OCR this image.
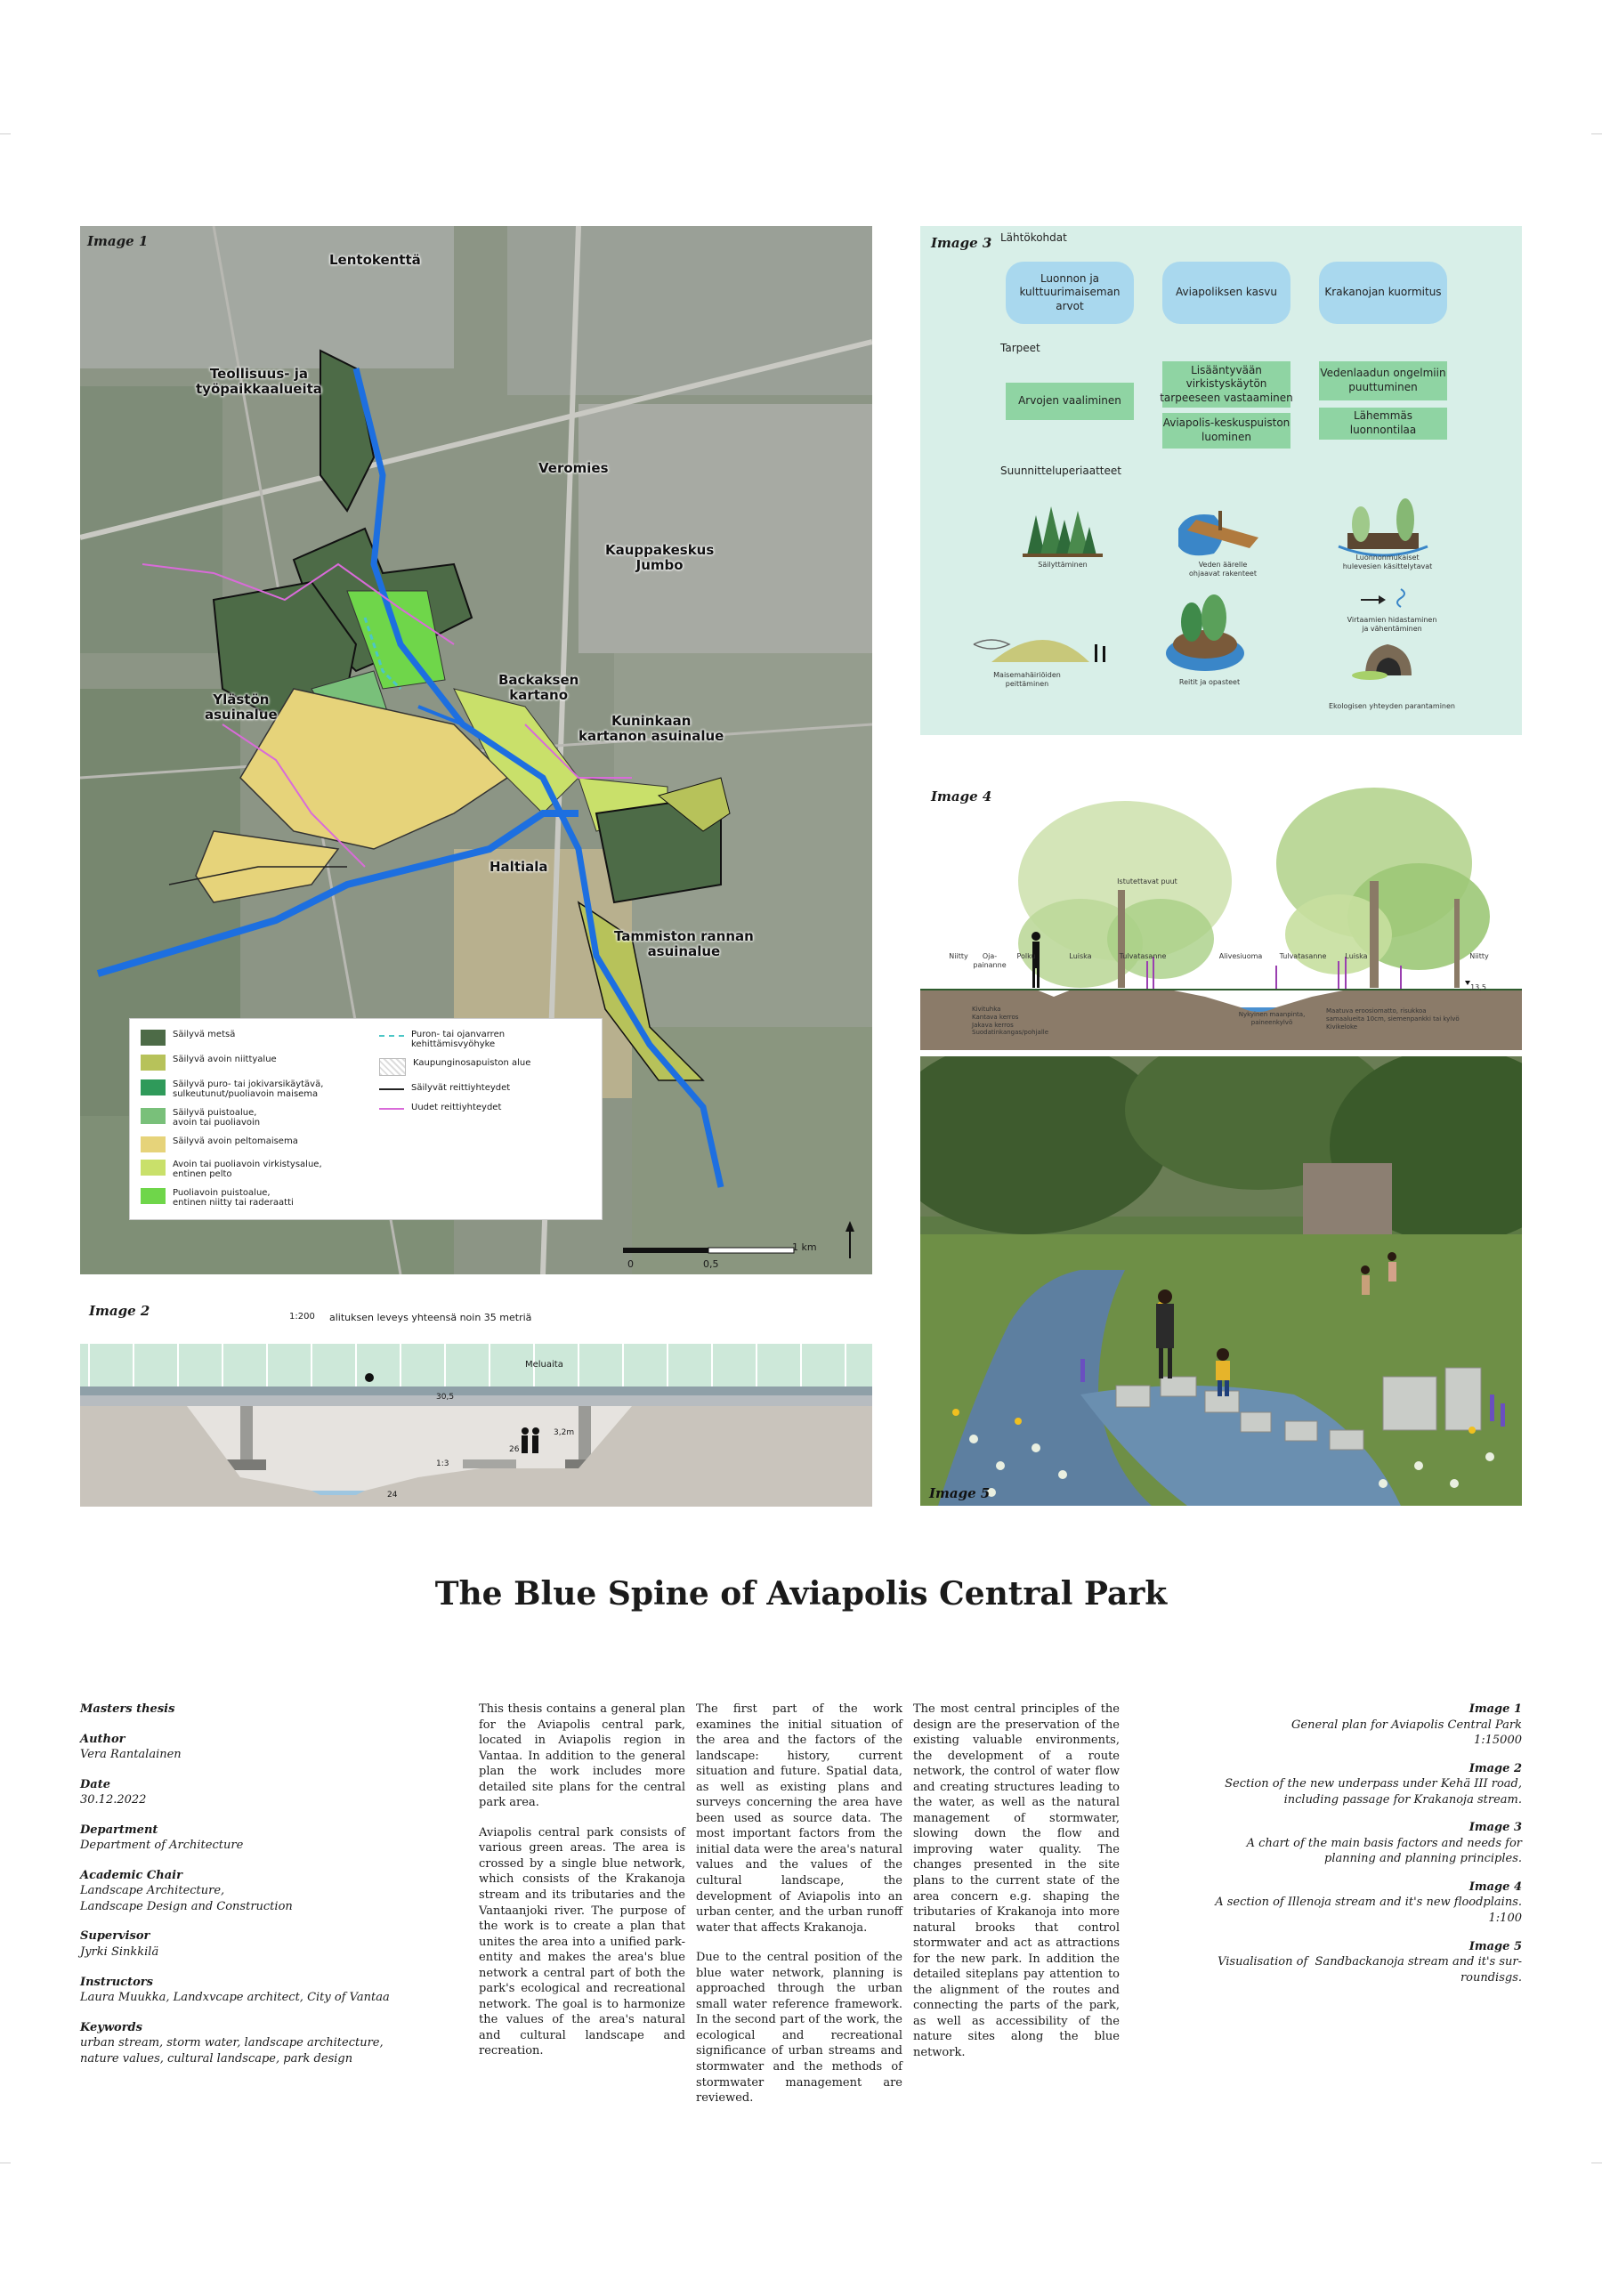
Image 1
Lentokenttä
Teollisuus- ja
työpaikkaalueita
Veromies
Kauppakeskus
Jumbo
Backaksen
kartano
Kuninkaan
kartanon asuinalue
Ylästön
asuinalue
Haltiala
Tammiston rannan
asuinalue
Säilyvä metsä
Säilyvä avoin niittyalue
Säilyvä puro- tai jokivarsikäytävä,
sulkeutunut/puoliavoin maisema
Säilyvä puistoalue,
avoin tai puoliavoin
Säilyvä avoin peltomaisema
Avoin tai puoliavoin virkistysalue,
entinen pelto
Puoliavoin puistoalue,
entinen niitty tai raderaatti
Puron- tai ojanvarren
kehittämisvyöhyke
Kaupunginosapuiston alue
Säilyvät reittiyhteydet
Uudet reittiyhteydet
0	0,5
1 km
Image 3 Lähtökohdat
Luonnon ja
kulttuurimaiseman
arvot
Aviapoliksen kasvu	Krakanojan kuormitus
Tarpeet
Arvojen vaaliminen
Lisääntyvään
virkistyskäytön
tarpeeseen vastaaminen
Aviapolis-keskuspuiston
luominen
Vedenlaadun ongelmiin
puuttuminen
Lähemmäs luonnontilaa
Suunnitteluperiaatteet
Säilyttäminen	Veden äärelle
ohjaavat rakenteet
Luonnonmukaiset
hulevesien käsittelytavat
Maisemahäiriöiden
peittäminen	Reitit ja opasteet
Virtaamien hidastaminen
ja vähentäminen
Ekologisen yhteyden parantaminen
Image 4
Istutettavat puut
Niitty	Oja-
painanne
Polku	Luiska	Tulvatasanne	Alivesiuoma	Tulvatasanne	Luiska	Niitty
13,5
Kivituhka
Kantava kerros
Jakava kerros
Suodatinkangas/pohjalle
Nykyinen maanpinta,
paineenkylvö
Maatuva eroosiomatto, risukkoa
samaalueita 10cm, siemenpankki tai kylvö
Kivikeloke
Image 5
Image 2	1:200 alituksen leveys yhteensä noin 35 metriä
Meluaita
30,5
3,2m
26
1:3
24
The Blue Spine of Aviapolis Central Park
Masters thesis
Author
Vera Rantalainen
Date
30.12.2022
Department
Department of Architecture
Academic Chair
Landscape Architecture,
Landscape Design and Construction
Supervisor
Jyrki Sinkkilä
Instructors
Laura Muukka, Landxvcape architect, City of Vantaa
Keywords
urban stream, storm water, landscape architecture,
nature values, cultural landscape, park design

This thesis contains a general plan for the Aviapolis central park, located in Aviapolis region in Vantaa. In addition to the general plan the work includes more detailed site plans for the central park area.

Aviapolis central park consists of various green areas. The area is crossed by a single blue network, which consists of the Krakanoja stream and its tributaries and the Vantaanjoki river. The purpose of the work is to create a plan that unites the area into a unified park-entity and makes the area's blue network a central part of both the park's ecological and recreational network. The goal is to harmonize the values of the area's natural and cultural landscape and recreation.

The first part of the work examines the initial situation of the area and the factors of the landscape: history, current situation and future. Spatial data, as well as existing plans and surveys concerning the area have been used as source data. The most important factors from the initial data were the area's natural values and the values of the cultural landscape, the development of Aviapolis into an urban center, and the urban runoff water that affects Krakanoja.

Due to the central position of the blue water network, planning is approached through the urban small water reference framework. In the second part of the work, the ecological and recreational significance of urban streams and stormwater and the methods of stormwater management are reviewed.

The most central principles of the design are the preservation of the existing valuable environments, the development of a route network, the control of water flow and creating structures leading to the water, as well as the natural management of stormwater, slowing down the flow and improving water quality. The changes presented in the site plans to the current state of the area concern e.g. shaping the tributaries of Krakanoja into more natural brooks that control stormwater and act as attractions for the new park. In addition the detailed siteplans pay attention to the alignment of the routes and connecting the parts of the park, as well as accessibility of the nature sites along the blue network.

Image 1
General plan for Aviapolis Central Park
1:15000
Image 2
Section of the new underpass under Kehä III road,
including passage for Krakanoja stream.
Image 3
A chart of the main basis factors and needs for
planning and planning principles.
Image 4
A section of Illenoja stream and it's new floodplains.
1:100
Image 5
Visualisation of  Sandbackanoja stream and it's sur-
roundisgs.
